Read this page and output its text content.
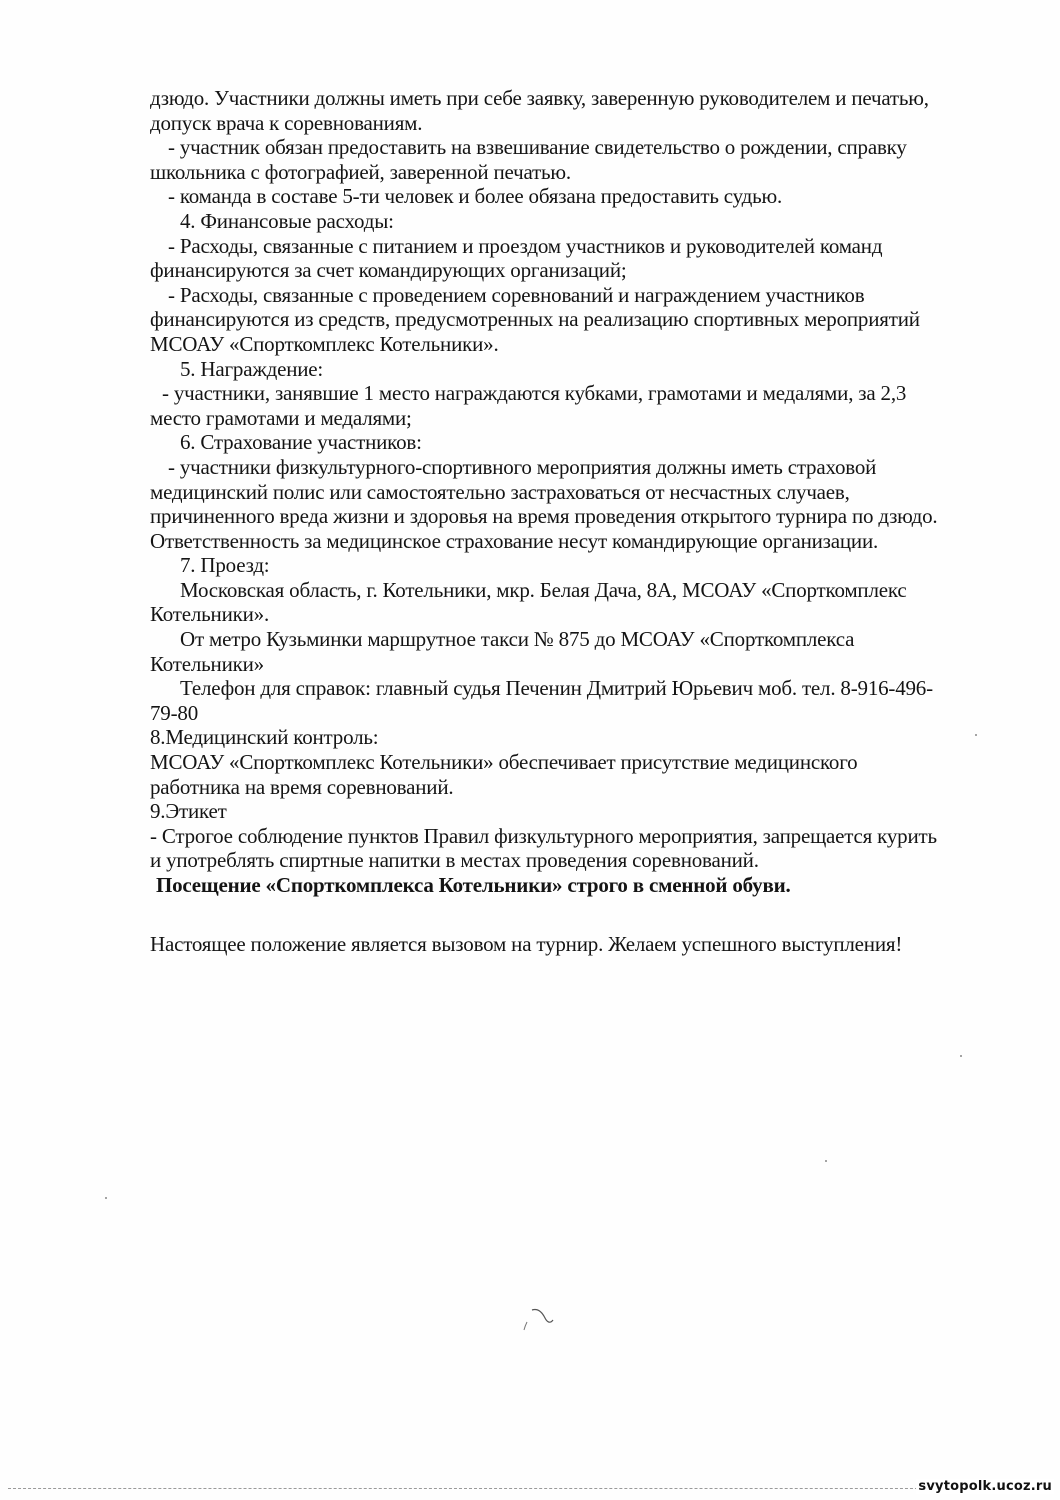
дзюдо. Участники должны иметь при себе заявку, заверенную руководителем и печатью,
допуск врача к соревнованиям.
- участник обязан предоставить на взвешивание свидетельство о рождении, справку
школьника с фотографией, заверенной печатью.
- команда в составе 5-ти человек и более обязана предоставить судью.
4. Финансовые расходы:
- Расходы, связанные с питанием и проездом участников и руководителей команд
финансируются за счет командирующих организаций;
- Расходы, связанные с проведением соревнований и награждением участников
финансируются из средств, предусмотренных на реализацию спортивных мероприятий
МСОАУ «Спорткомплекс Котельники».
5. Награждение:
- участники, занявшие 1 место награждаются кубками, грамотами и медалями, за 2,3
место грамотами и медалями;
6. Страхование участников:
- участники физкультурного-спортивного мероприятия должны иметь страховой
медицинский полис или самостоятельно застраховаться от несчастных случаев,
причиненного вреда жизни и здоровья на время проведения открытого турнира по дзюдо.
Ответственность за медицинское страхование несут командирующие организации.
7. Проезд:
Московская область, г. Котельники, мкр. Белая Дача, 8А, МСОАУ «Спорткомплекс
Котельники».
От метро Кузьминки маршрутное такси № 875 до МСОАУ «Спорткомплекса
Котельники»
Телефон для справок: главный судья Печенин Дмитрий Юрьевич моб. тел. 8-916-496-
79-80
8.Медицинский контроль:
МСОАУ «Спорткомплекс Котельники» обеспечивает присутствие медицинского
работника на время соревнований.
9.Этикет
- Строгое соблюдение пунктов Правил физкультурного мероприятия, запрещается курить
и употреблять спиртные напитки в местах проведения соревнований.
Посещение «Спорткомплекса Котельники» строго в сменной обуви.
Настоящее положение является вызовом на турнир. Желаем успешного выступления!
svytopolk.ucoz.ru
